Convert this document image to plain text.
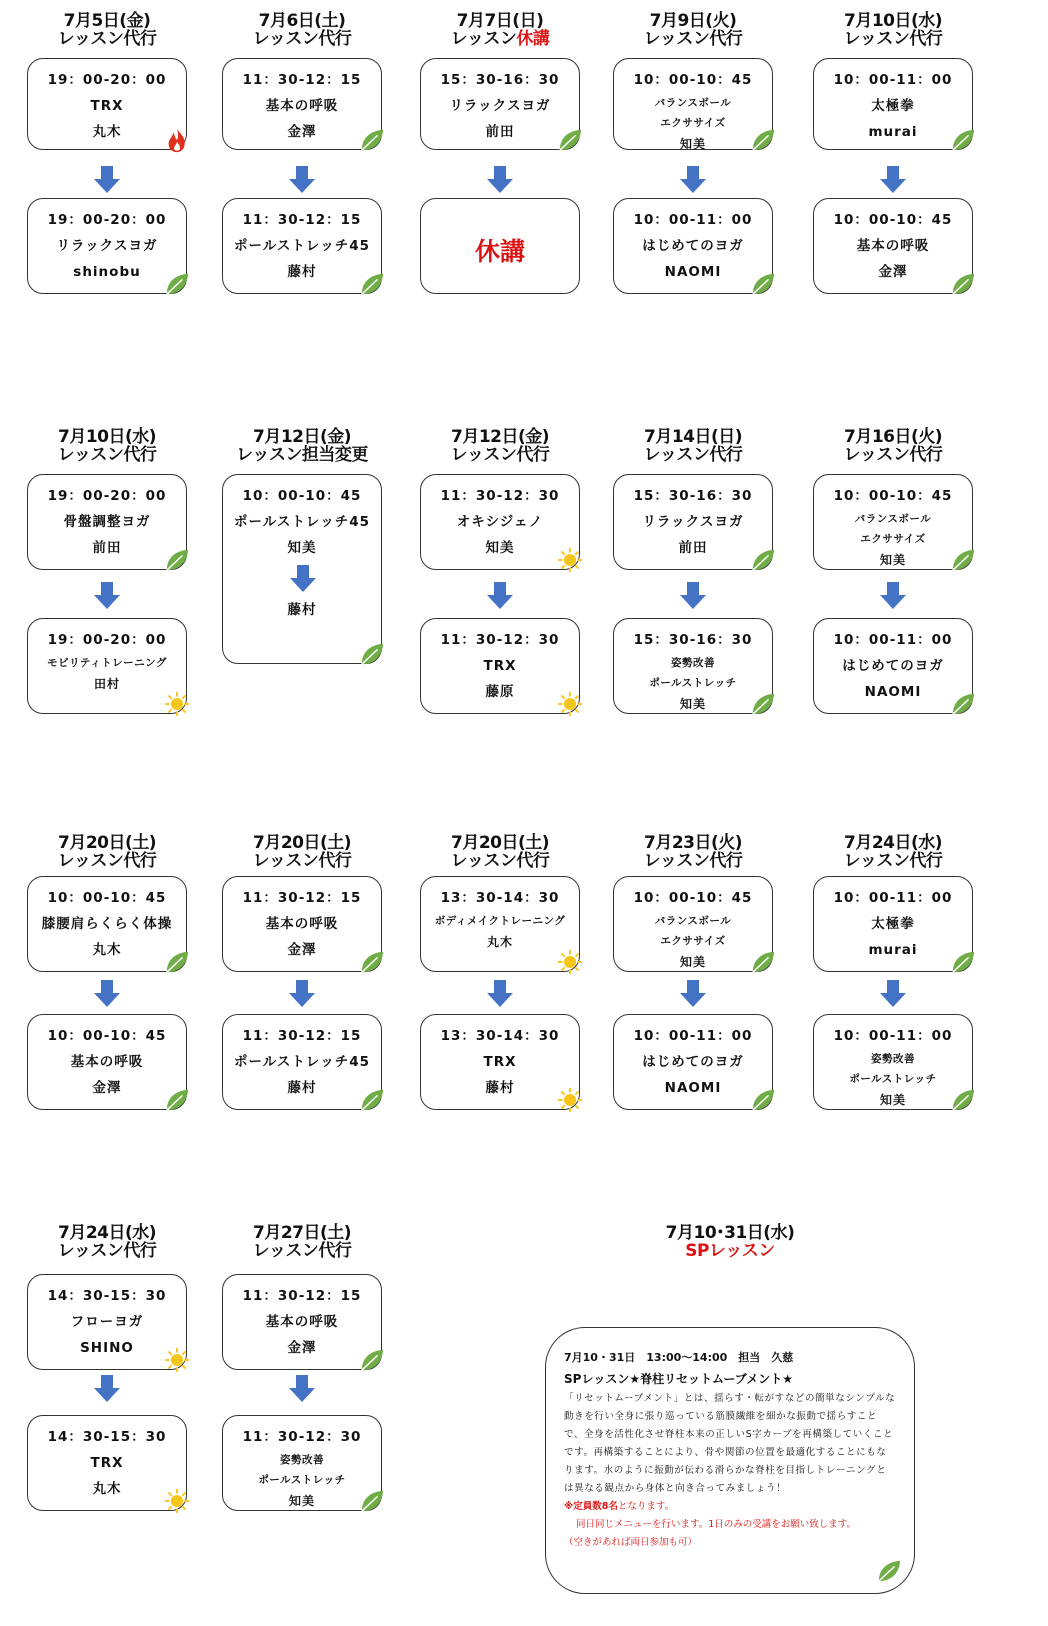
7月5日(金)
レッスン代行
19：00-20：00
TRX
丸木
19：00-20：00
リラックスヨガ
shinobu
7月6日(土)
レッスン代行
11：30-12：15
基本の呼吸
金澤
11：30-12：15
ポールストレッチ45
藤村
7月7日(日)
レッスン休講
15：30-16：30
リラックスヨガ
前田
休講
7月9日(火)
レッスン代行
10：00-10：45
バランスボール
エクササイズ
知美
10：00-11：00
はじめてのヨガ
NAOMI
7月10日(水)
レッスン代行
10：00-11：00
太極拳
murai
10：00-10：45
基本の呼吸
金澤
7月10日(水)
レッスン代行
19：00-20：00
骨盤調整ヨガ
前田
19：00-20：00
モビリティトレーニング
田村
7月12日(金)
レッスン担当変更
10：00-10：45
ポールストレッチ45
知美
藤村
7月12日(金)
レッスン代行
11：30-12：30
オキシジェノ
知美
11：30-12：30
TRX
藤原
7月14日(日)
レッスン代行
15：30-16：30
リラックスヨガ
前田
15：30-16：30
姿勢改善
ポールストレッチ
知美
7月16日(火)
レッスン代行
10：00-10：45
バランスボール
エクササイズ
知美
10：00-11：00
はじめてのヨガ
NAOMI
7月20日(土)
レッスン代行
10：00-10：45
膝腰肩らくらく体操
丸木
10：00-10：45
基本の呼吸
金澤
7月20日(土)
レッスン代行
11：30-12：15
基本の呼吸
金澤
11：30-12：15
ポールストレッチ45
藤村
7月20日(土)
レッスン代行
13：30-14：30
ボディメイクトレーニング
丸木
13：30-14：30
TRX
藤村
7月23日(火)
レッスン代行
10：00-10：45
バランスボール
エクササイズ
知美
10：00-11：00
はじめてのヨガ
NAOMI
7月24日(水)
レッスン代行
10：00-11：00
太極拳
murai
10：00-11：00
姿勢改善
ポールストレッチ
知美
7月24日(水)
レッスン代行
14：30-15：30
フローヨガ
SHINO
14：30-15：30
TRX
丸木
7月27日(土)
レッスン代行
11：30-12：15
基本の呼吸
金澤
11：30-12：30
姿勢改善
ポールストレッチ
知美
7月10･31日(水)
SPレッスン
7月10・31日　13:00～14:00　担当　久慈
SPレッスン★脊柱リセットムーブメント★
「リセットムーブメント」とは、揺らす・転がすなどの簡単なシンプルな動きを行い全身に張り巡っている筋膜繊維を細かな振動で揺らすことで、全身を活性化させ脊柱本来の正しいS字カーブを再構築していくことです。再構築することにより、骨や関節の位置を最適化することにもなります。水のように振動が伝わる滑らかな脊柱を目指しトレーニングとは異なる観点から身体と向き合ってみましょう！
※定員数8名となります。
同日同じメニューを行います。1日のみの受講をお願い致します。
（空きがあれば両日参加も可）
